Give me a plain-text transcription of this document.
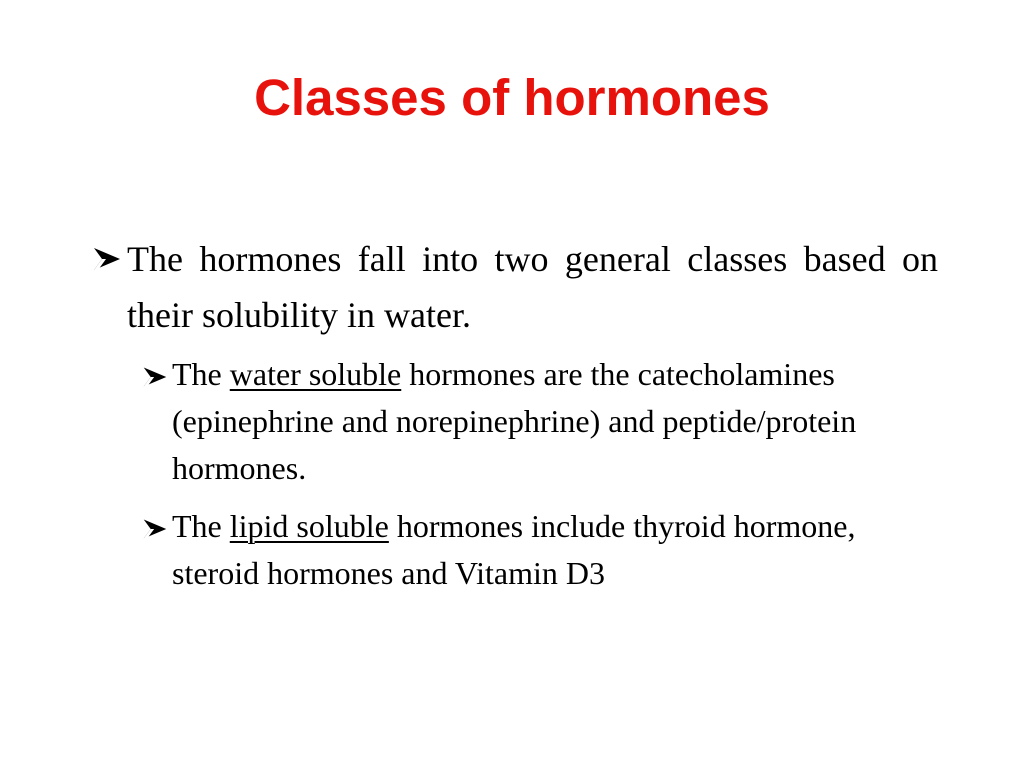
Classes of hormones

The hormones fall into two general classes based on their solubility in water.

The water soluble hormones are the catecholamines (epinephrine and norepinephrine) and peptide/protein hormones.

The lipid soluble hormones include thyroid hormone, steroid hormones and Vitamin D3
